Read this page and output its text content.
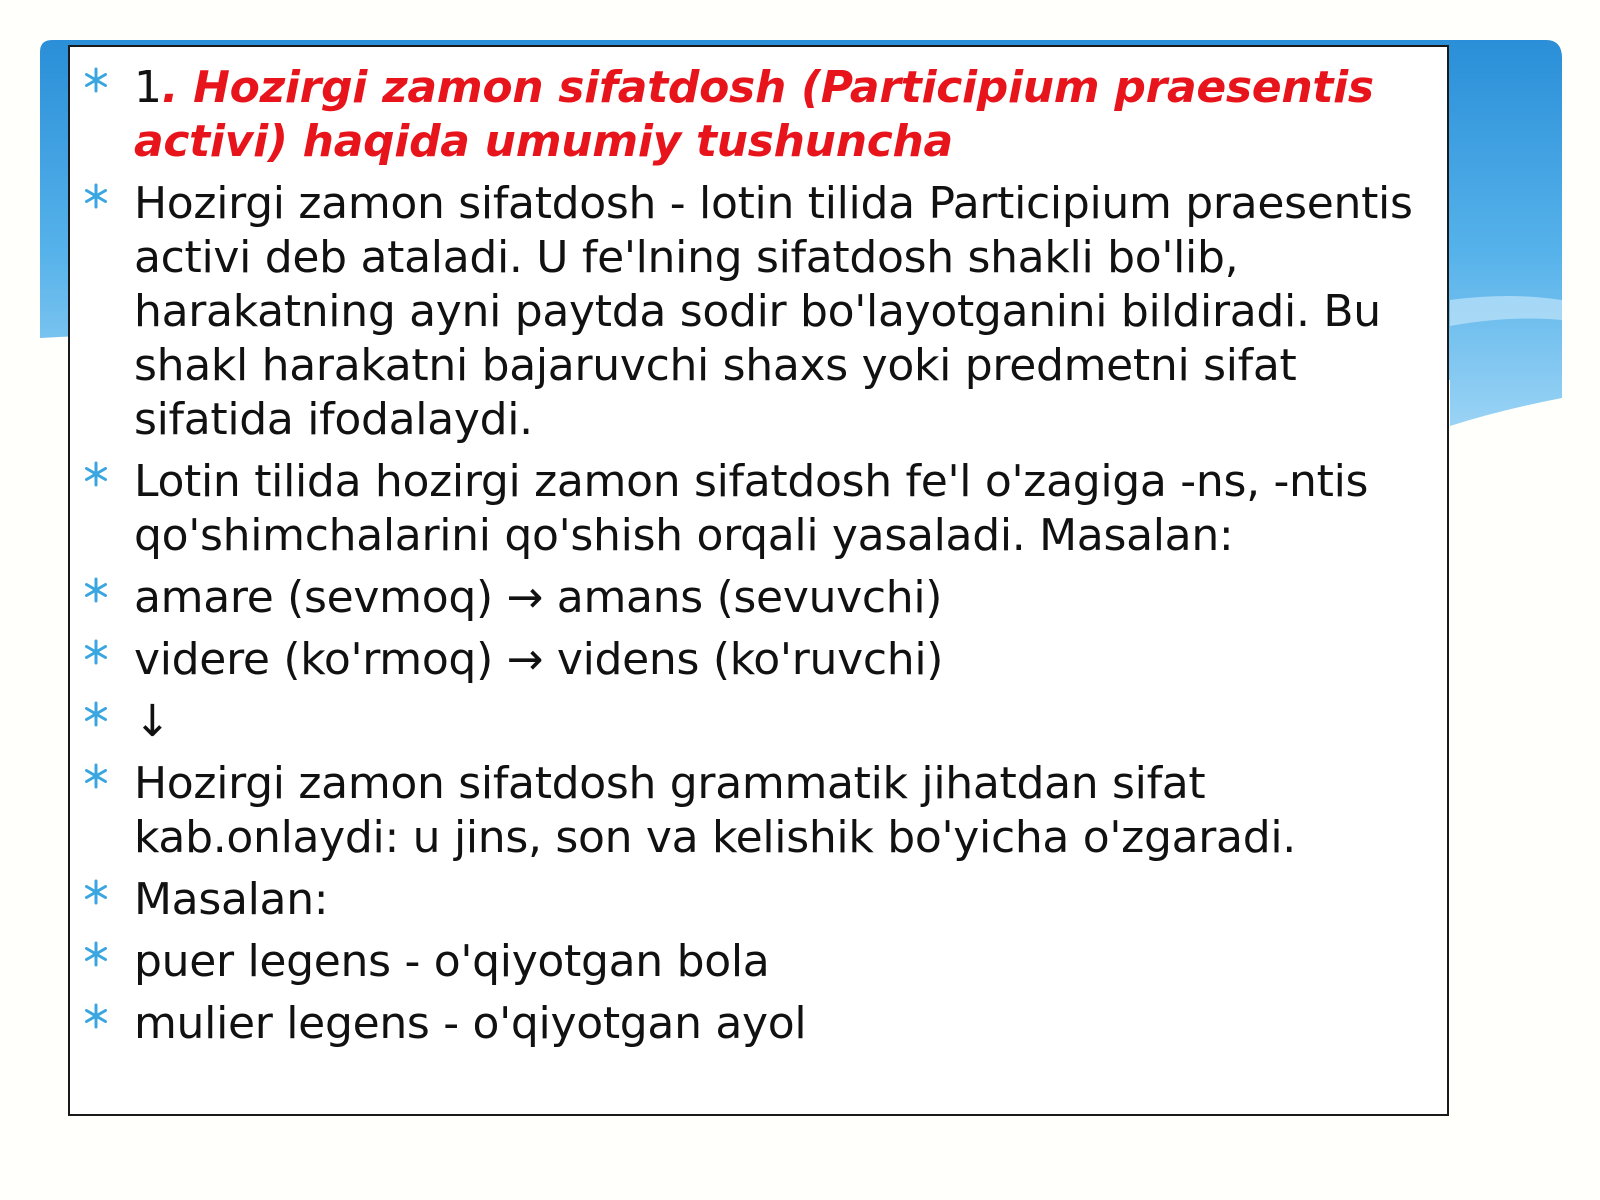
1. Hozirgi zamon sifatdosh (Participium praesentis activi) haqida umumiy tushuncha
Hozirgi zamon sifatdosh - lotin tilida Participium praesentis activi deb ataladi. U fe'lning sifatdosh shakli bo'lib, harakatning ayni paytda sodir bo'layotganini bildiradi. Bu shakl harakatni bajaruvchi shaxs yoki predmetni sifat sifatida ifodalaydi.
Lotin tilida hozirgi zamon sifatdosh fe'l o'zagiga -ns, -ntis qo'shimchalarini qo'shish orqali yasaladi. Masalan:
amare (sevmoq) → amans (sevuvchi)
videre (ko'rmoq) → videns (ko'ruvchi)
↓
Hozirgi zamon sifatdosh grammatik jihatdan sifat kab.onlaydi: u jins, son va kelishik bo'yicha o'zgaradi.
Masalan:
puer legens - o'qiyotgan bola
mulier legens - o'qiyotgan ayol
